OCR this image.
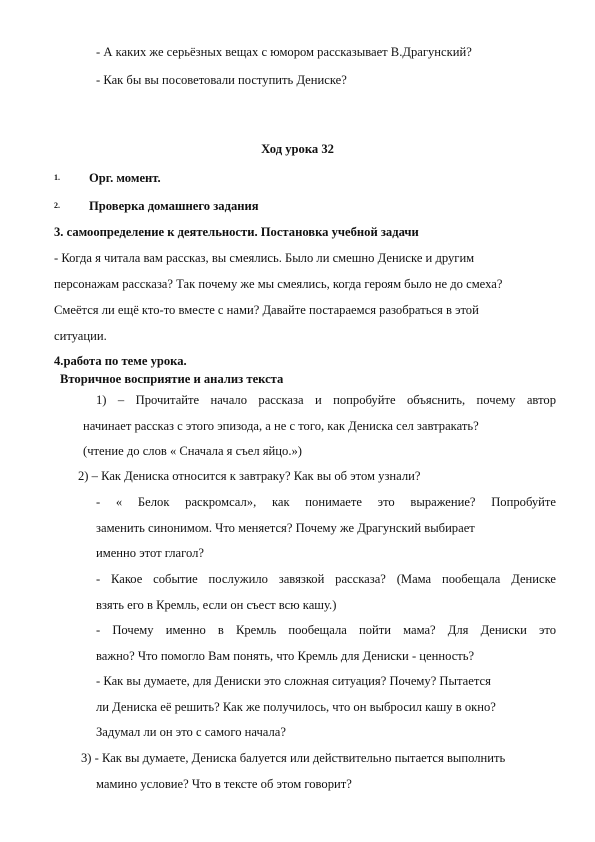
- А каких же серьёзных вещах с юмором рассказывает В.Драгунский?
- Как бы вы посоветовали поступить Дениске?
Ход урока 32
1. Орг. момент.
2. Проверка домашнего задания
3. самоопределение к деятельности. Постановка учебной задачи
- Когда я читала вам рассказ, вы смеялись. Было ли смешно Дениске и другим
персонажам рассказа? Так почему же мы смеялись, когда героям было не до смеха?
Смеётся ли ещё кто-то вместе с нами? Давайте постараемся разобраться в этой
ситуации.
4.работа по теме урока.
Вторичное восприятие и анализ текста
1) – Прочитайте начало рассказа и попробуйте объяснить, почему автор
начинает рассказ с этого эпизода, а не с того, как Дениска сел завтракать?
(чтение до слов « Сначала я съел яйцо.»)
2) – Как Дениска относится к завтраку? Как вы об этом узнали?
- « Белок раскромсал», как понимаете это выражение? Попробуйте
заменить синонимом. Что меняется? Почему же Драгунский выбирает
именно этот глагол?
- Какое событие послужило завязкой рассказа? (Мама пообещала Дениске
взять его в Кремль, если он съест всю кашу.)
- Почему именно в Кремль пообещала пойти мама? Для Дениски это
важно? Что помогло Вам понять, что Кремль для Дениски - ценность?
- Как вы думаете, для Дениски это сложная ситуация? Почему? Пытается
ли Дениска её решить? Как же получилось, что он выбросил кашу в окно?
Задумал ли он это с самого начала?
3) - Как вы думаете, Дениска балуется или действительно пытается выполнить
мамино условие? Что в тексте об этом говорит?
